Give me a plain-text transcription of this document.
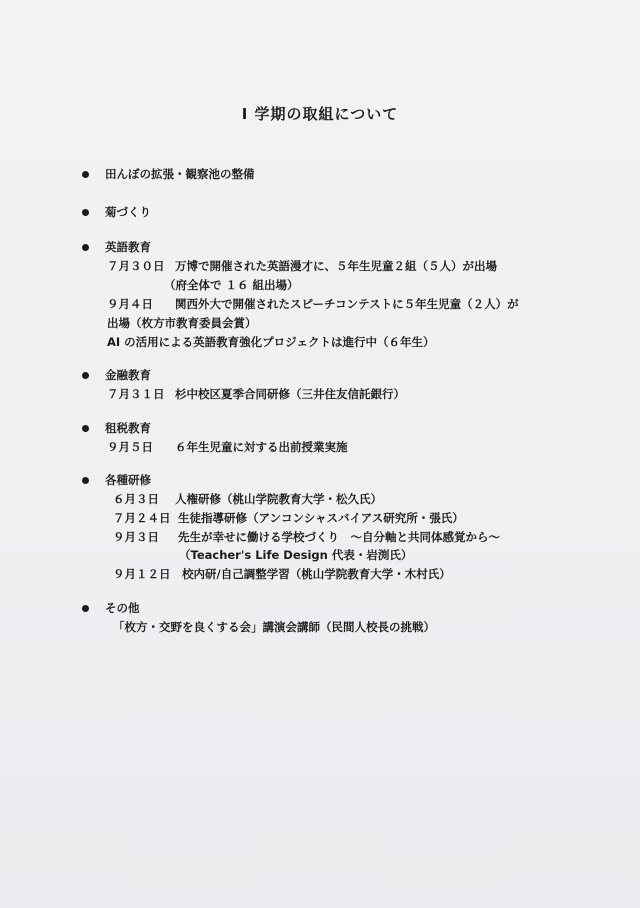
Ⅰ 学期の取組について
田んぼの拡張・観察池の整備
菊づくり
英語教育
７月３０日 万博で開催された英語漫才に、５年生児童２組（５人）が出場
（府全体で １６ 組出場）
９月４日 関西外大で開催されたスピーチコンテストに５年生児童（２人）が
出場（枚方市教育委員会賞）
AI の活用による英語教育強化プロジェクトは進行中（６年生）
金融教育
７月３１日 杉中校区夏季合同研修（三井住友信託銀行）
租税教育
９月５日 ６年生児童に対する出前授業実施
各種研修
６月３日 人権研修（桃山学院教育大学・松久氏）
７月２４日 生徒指導研修（アンコンシャスバイアス研究所・張氏）
９月３日 先生が幸せに働ける学校づくり　～自分軸と共同体感覚から～
（Teacher's Life Design 代表・岩渕氏）
９月１２日 校内研/自己調整学習（桃山学院教育大学・木村氏）
その他
「枚方・交野を良くする会」講演会講師（民間人校長の挑戦）
